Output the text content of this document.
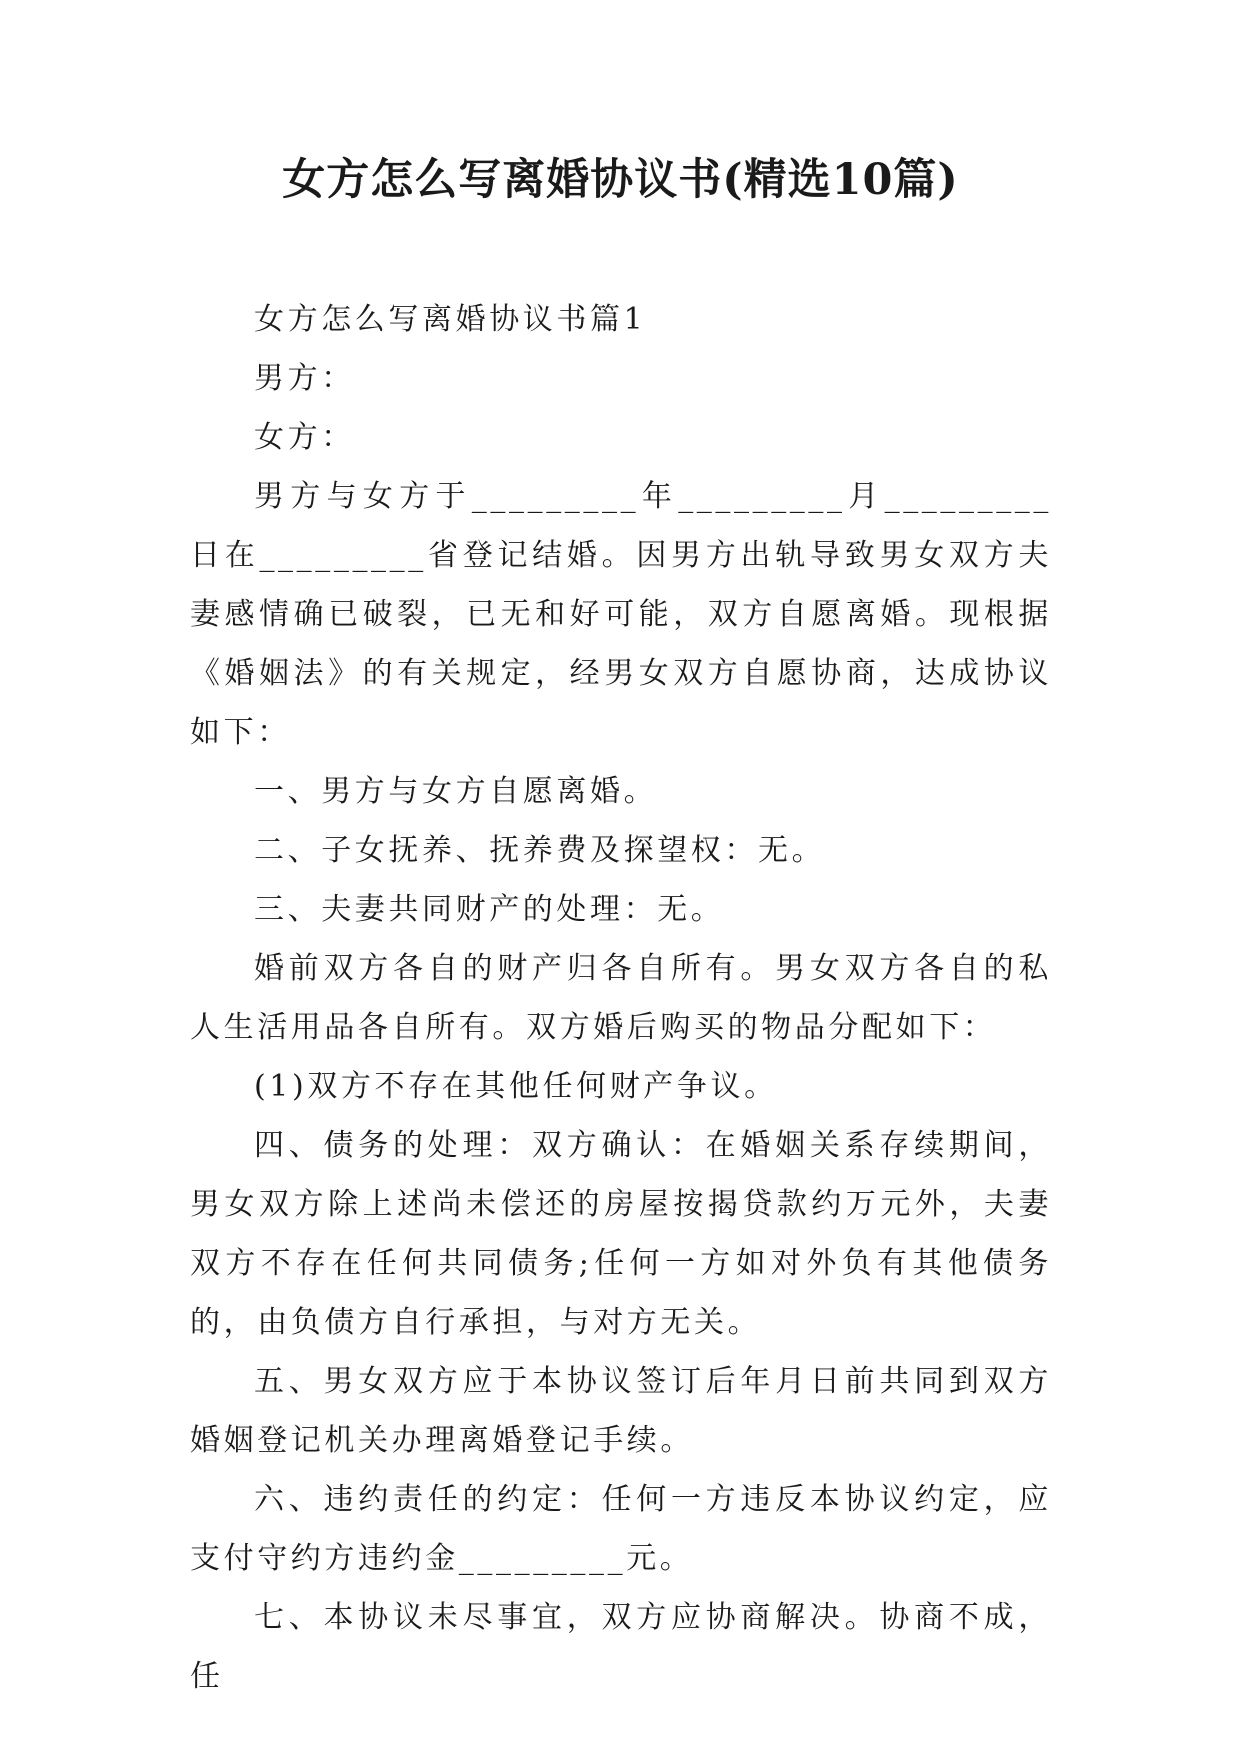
女方怎么写离婚协议书(精选10篇)

女方怎么写离婚协议书篇1

男方：

女方：

男方与女方于_________年_________月_________日在_________省登记结婚。因男方出轨导致男女双方夫妻感情确已破裂，已无和好可能，双方自愿离婚。现根据《婚姻法》的有关规定，经男女双方自愿协商，达成协议如下：

一、男方与女方自愿离婚。

二、子女抚养、抚养费及探望权：无。

三、夫妻共同财产的处理：无。

婚前双方各自的财产归各自所有。男女双方各自的私人生活用品各自所有。双方婚后购买的物品分配如下：

(1)双方不存在其他任何财产争议。

四、债务的处理：双方确认：在婚姻关系存续期间，男女双方除上述尚未偿还的房屋按揭贷款约万元外，夫妻双方不存在任何共同债务;任何一方如对外负有其他债务的，由负债方自行承担，与对方无关。

五、男女双方应于本协议签订后年月日前共同到双方婚姻登记机关办理离婚登记手续。

六、违约责任的约定：任何一方违反本协议约定，应支付守约方违约金_________元。

七、本协议未尽事宜，双方应协商解决。协商不成，任
